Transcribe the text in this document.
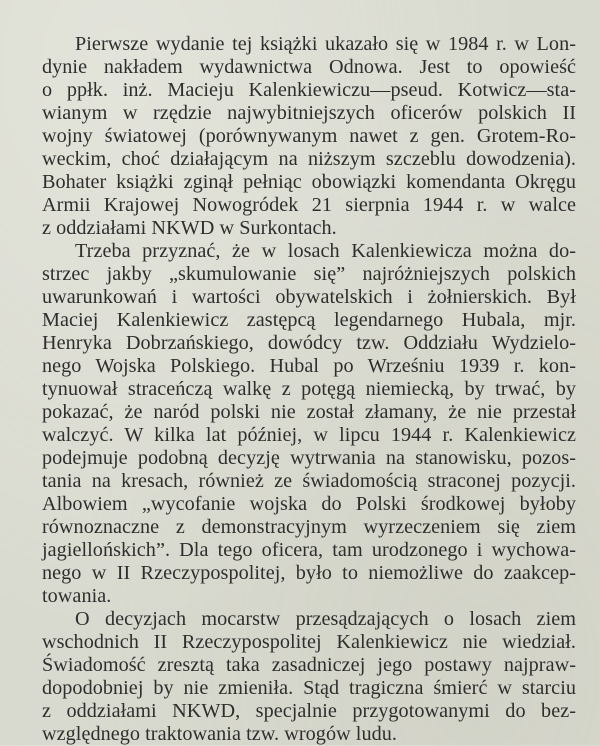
Pierwsze wydanie tej książki ukazało się w 1984 r. w Lon-
dynie nakładem wydawnictwa Odnowa. Jest to opowieść
o ppłk. inż. Macieju Kalenkiewiczu—pseud. Kotwicz—sta-
wianym w rzędzie najwybitniejszych oficerów polskich II
wojny światowej (porównywanym nawet z gen. Grotem-Ro-
weckim, choć działającym na niższym szczeblu dowodzenia).
Bohater książki zginął pełniąc obowiązki komendanta Okręgu
Armii Krajowej Nowogródek 21 sierpnia 1944 r. w walce
z oddziałami NKWD w Surkontach.
Trzeba przyznać, że w losach Kalenkiewicza można do-
strzec jakby „skumulowanie się” najróżniejszych polskich
uwarunkowań i wartości obywatelskich i żołnierskich. Był
Maciej Kalenkiewicz zastępcą legendarnego Hubala, mjr.
Henryka Dobrzańskiego, dowódcy tzw. Oddziału Wydzielo-
nego Wojska Polskiego. Hubal po Wrześniu 1939 r. kon-
tynuował straceńczą walkę z potęgą niemiecką, by trwać, by
pokazać, że naród polski nie został złamany, że nie przestał
walczyć. W kilka lat później, w lipcu 1944 r. Kalenkiewicz
podejmuje podobną decyzję wytrwania na stanowisku, pozos-
tania na kresach, również ze świadomością straconej pozycji.
Albowiem „wycofanie wojska do Polski środkowej byłoby
równoznaczne z demonstracyjnym wyrzeczeniem się ziem
jagiellońskich”. Dla tego oficera, tam urodzonego i wychowa-
nego w II Rzeczypospolitej, było to niemożliwe do zaakcep-
towania.
O decyzjach mocarstw przesądzających o losach ziem
wschodnich II Rzeczypospolitej Kalenkiewicz nie wiedział.
Świadomość zresztą taka zasadniczej jego postawy najpraw-
dopodobniej by nie zmieniła. Stąd tragiczna śmierć w starciu
z oddziałami NKWD, specjalnie przygotowanymi do bez-
względnego traktowania tzw. wrogów ludu.
